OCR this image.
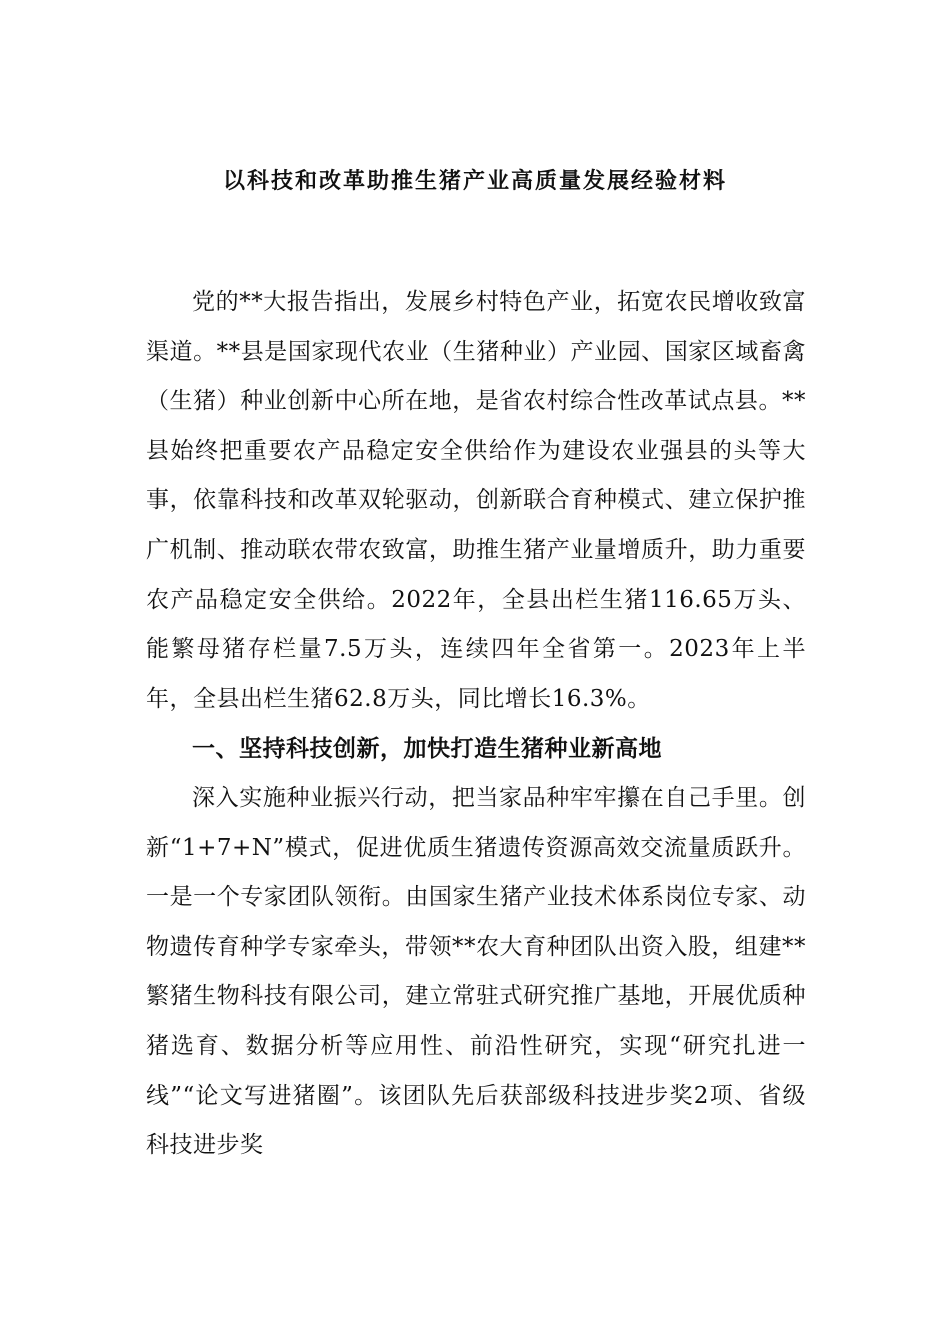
以科技和改革助推生猪产业高质量发展经验材料

党的**大报告指出，发展乡村特色产业，拓宽农民增收致富渠道。**县是国家现代农业（生猪种业）产业园、国家区域畜禽（生猪）种业创新中心所在地，是省农村综合性改革试点县。**县始终把重要农产品稳定安全供给作为建设农业强县的头等大事，依靠科技和改革双轮驱动，创新联合育种模式、建立保护推广机制、推动联农带农致富，助推生猪产业量增质升，助力重要农产品稳定安全供给。2022年，全县出栏生猪116.65万头、能繁母猪存栏量7.5万头，连续四年全省第一。2023年上半年，全县出栏生猪62.8万头，同比增长16.3%。

一、坚持科技创新，加快打造生猪种业新高地

深入实施种业振兴行动，把当家品种牢牢攥在自己手里。创新“1+7+N”模式，促进优质生猪遗传资源高效交流量质跃升。一是一个专家团队领衔。由国家生猪产业技术体系岗位专家、动物遗传育种学专家牵头，带领**农大育种团队出资入股，组建**繁猪生物科技有限公司，建立常驻式研究推广基地，开展优质种猪选育、数据分析等应用性、前沿性研究，实现“研究扎进一线”“论文写进猪圈”。该团队先后获部级科技进步奖2项、省级科技进步奖
